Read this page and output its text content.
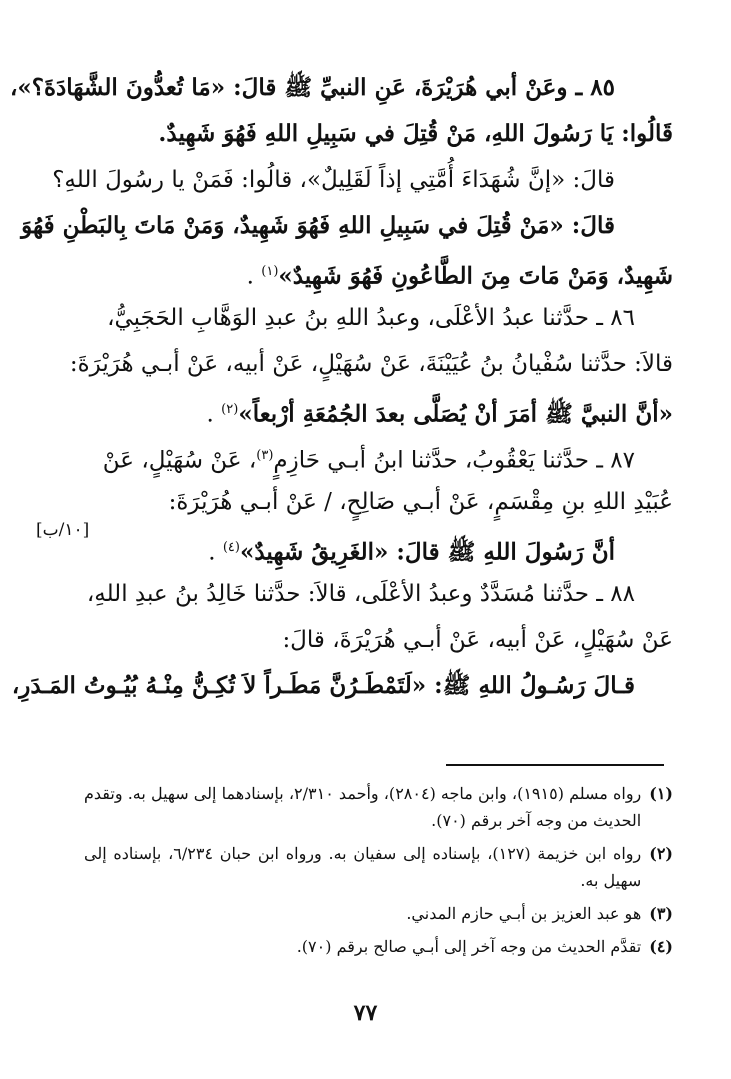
٨٥ ـ وعَنْ أبي هُرَيْرَةَ، عَنِ النبيِّ ﷺ قالَ: «مَا تُعدُّونَ الشَّهَادَةَ؟»،
قَالُوا: يَا رَسُولَ اللهِ، مَنْ قُتِلَ في سَبِيلِ اللهِ فَهُوَ شَهِيدٌ.
قالَ: «إنَّ شُهَدَاءَ أُمَّتِي إذاً لَقَلِيلٌ»، قالُوا: فَمَنْ يا رسُولَ اللهِ؟
قالَ: «مَنْ قُتِلَ في سَبِيلِ اللهِ فَهُوَ شَهِيدٌ، وَمَنْ مَاتَ بِالبَطْنِ فَهُوَ
شَهِيدٌ، وَمَنْ مَاتَ مِنَ الطَّاعُونِ فَهُوَ شَهِيدٌ»$^{(١)}$ .
٨٦ ـ حدَّثنا عبدُ الأعْلَى، وعبدُ اللهِ بنُ عبدِ الوَهَّابِ الحَجَبِيُّ،
قالاَ: حدَّثنا سُفْيانُ بنُ عُيَيْنَةَ، عَنْ سُهَيْلٍ، عَنْ أبيه، عَنْ أبـي هُرَيْرَةَ:
«أنَّ النبيَّ ﷺ أمَرَ أنْ يُصَلَّى بعدَ الجُمُعَةِ أرْبعاً»$^{(٢)}$ .
٨٧ ـ حدَّثنا يَعْقُوبُ، حدَّثنا ابنُ أبـي حَازِمٍ$^{(٣)}$، عَنْ سُهَيْلٍ، عَنْ
عُبَيْدِ اللهِ بنِ مِقْسَمٍ، عَنْ أبـي صَالِحٍ، / عَنْ أبـي هُرَيْرَةَ:
أنَّ رَسُولَ اللهِ ﷺ قالَ: «الغَرِيقُ شَهِيدٌ»$^{(٤)}$ .
٨٨ ـ حدَّثنا مُسَدَّدٌ وعبدُ الأعْلَى، قالاَ: حدَّثنا خَالِدُ بنُ عبدِ اللهِ،
عَنْ سُهَيْلٍ، عَنْ أبيه، عَنْ أبـي هُرَيْرَةَ، قالَ:
قـالَ رَسُـولُ اللهِ ﷺ: «لَتَمْطَـرُنَّ مَطَـراً لاَ تُكِـنُّ مِنْـهُ بُيُـوتُ المَـدَرِ،
[١٠/ب]
(١)
رواه مسلم (١٩١٥)، وابن ماجه (٢٨٠٤)، وأحمد ٢/٣١٠، بإسنادهما إلى سهيل به. وتقدم الحديث من وجه آخر برقم (٧٠).
(٢)
رواه ابن خزيمة (١٢٧)، بإسناده إلى سفيان به. ورواه ابن حبان ٦/٢٣٤، بإسناده إلى سهيل به.
(٣)
هو عبد العزيز بن أبـي حازم المدني.
(٤)
تقدَّم الحديث من وجه آخر إلى أبـي صالح برقم (٧٠).
٧٧
